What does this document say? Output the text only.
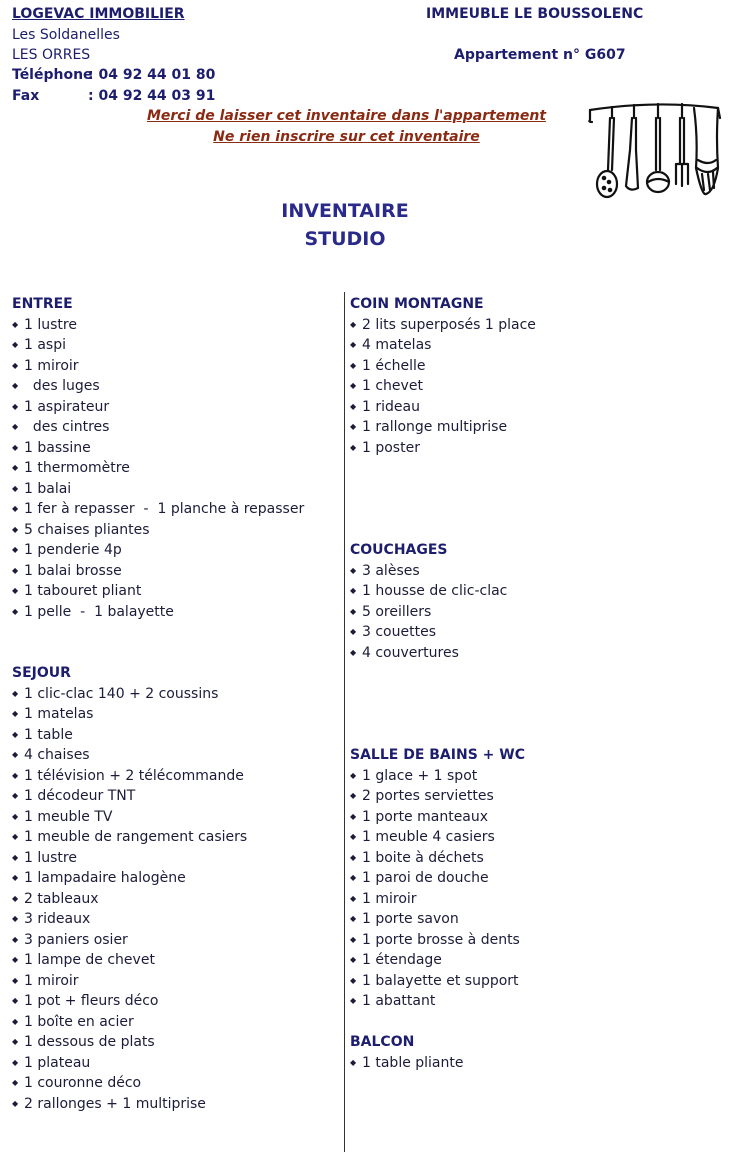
LOGEVAC IMMOBILIER
Les Soldanelles
LES ORRES
Téléphone: 04 92 44 01 80
Fax	: 04 92 44 03 91
IMMEUBLE LE BOUSSOLENC
Appartement n° G607
Merci de laisser cet inventaire dans l'appartement
Ne rien inscrire sur cet inventaire
INVENTAIRE
STUDIO
ENTREE
◆ 1 lustre
◆ 1 aspi
◆ 1 miroir
◆   des luges
◆ 1 aspirateur
◆   des cintres
◆ 1 bassine
◆ 1 thermomètre
◆ 1 balai
◆ 1 fer à repasser  -  1 planche à repasser
◆ 5 chaises pliantes
◆ 1 penderie 4p
◆ 1 balai brosse
◆ 1 tabouret pliant
◆ 1 pelle  -  1 balayette
SEJOUR
◆ 1 clic-clac 140 + 2 coussins
◆ 1 matelas
◆ 1 table
◆ 4 chaises
◆ 1 télévision + 2 télécommande
◆ 1 décodeur TNT
◆ 1 meuble TV
◆ 1 meuble de rangement casiers
◆ 1 lustre
◆ 1 lampadaire halogène
◆ 2 tableaux
◆ 3 rideaux
◆ 3 paniers osier
◆ 1 lampe de chevet
◆ 1 miroir
◆ 1 pot + fleurs déco
◆ 1 boîte en acier
◆ 1 dessous de plats
◆ 1 plateau
◆ 1 couronne déco
◆ 2 rallonges + 1 multiprise
COIN MONTAGNE
◆ 2 lits superposés 1 place
◆ 4 matelas
◆ 1 échelle
◆ 1 chevet
◆ 1 rideau
◆ 1 rallonge multiprise
◆ 1 poster
COUCHAGES
◆ 3 alèses
◆ 1 housse de clic-clac
◆ 5 oreillers
◆ 3 couettes
◆ 4 couvertures
SALLE DE BAINS + WC
◆ 1 glace + 1 spot
◆ 2 portes serviettes
◆ 1 porte manteaux
◆ 1 meuble 4 casiers
◆ 1 boite à déchets
◆ 1 paroi de douche
◆ 1 miroir
◆ 1 porte savon
◆ 1 porte brosse à dents
◆ 1 étendage
◆ 1 balayette et support
◆ 1 abattant
BALCON
◆ 1 table pliante
